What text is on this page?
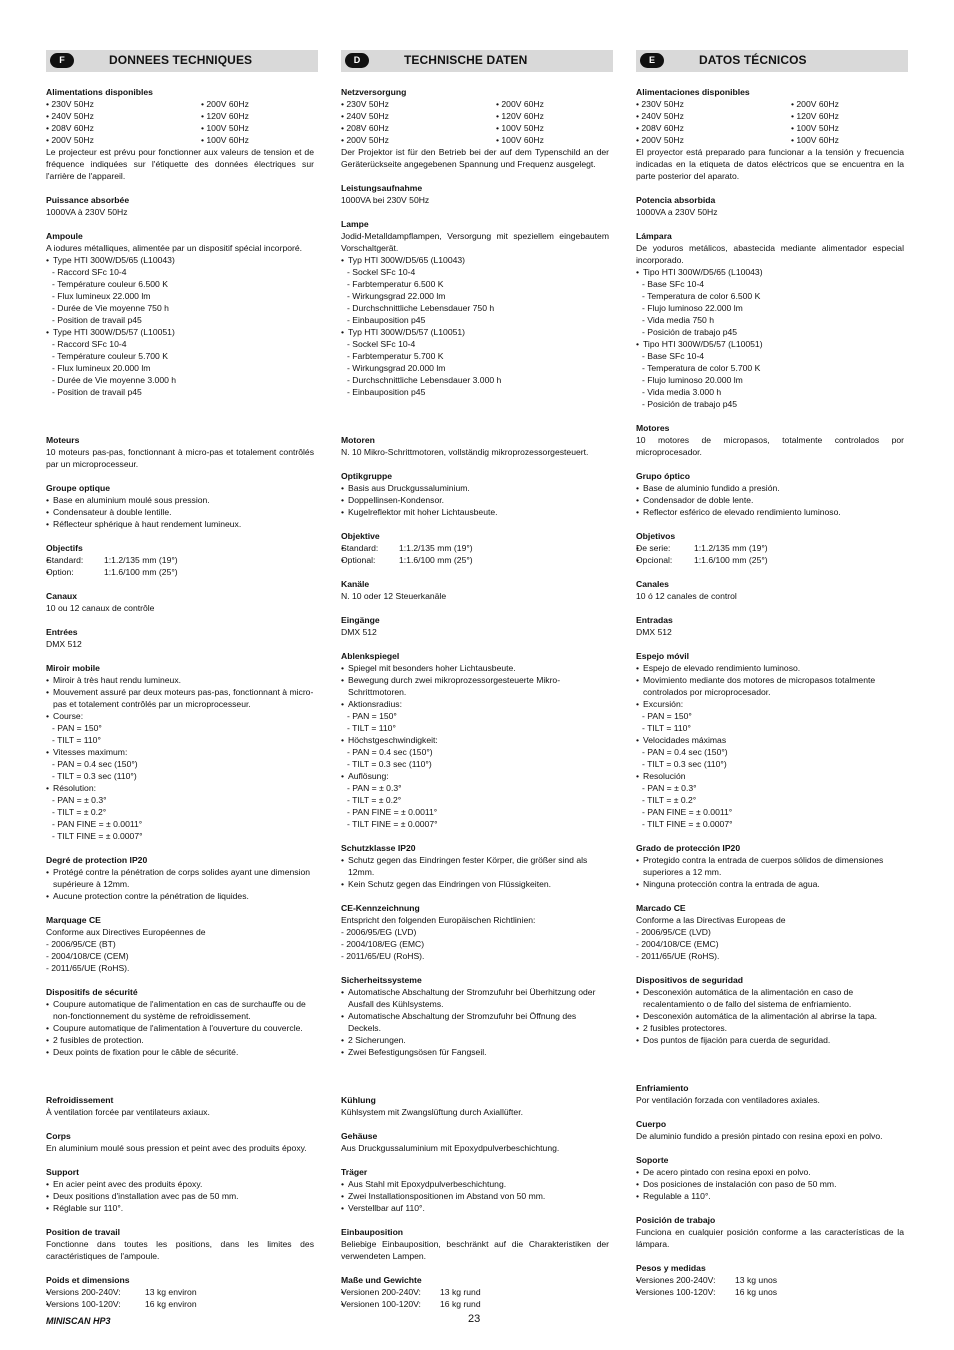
F	DONNEES TECHNIQUES
Alimentations disponibles
• 230V 50Hz	• 200V 60Hz
• 240V 50Hz	• 120V 60Hz
• 208V 60Hz	• 100V 50Hz
• 200V 50Hz	• 100V 60Hz
Le projecteur est prévu pour fonctionner aux valeurs de tension et de fréquence indiquées sur l'étiquette des données électriques sur l'arrière de l'appareil.
Puissance absorbée
1000VA à 230V 50Hz
Ampoule
A iodures métalliques, alimentée par un dispositif spécial incorporé.
• Type HTI 300W/D5/65 (L10043)
- Raccord SFc 10-4
- Température couleur 6.500 K
- Flux lumineux 22.000 lm
- Durée de Vie moyenne 750 h
- Position de travail p45
• Type HTI 300W/D5/57 (L10051)
- Raccord SFc 10-4
- Température couleur 5.700 K
- Flux lumineux 20.000 lm
- Durée de Vie moyenne 3.000 h
- Position de travail p45
Moteurs
10 moteurs pas-pas, fonctionnant à micro-pas et totalement contrôlés par un microprocesseur.
Groupe optique
• Base en aluminium moulé sous pression.
• Condensateur à double lentille.
• Réflecteur sphérique à haut rendement lumineux.
Objectifs
• Standard: 1:1.2/135 mm (19°)
• Option:	1:1.6/100 mm (25°)
Canaux
10 ou 12 canaux de contrôle
Entrées
DMX 512
Miroir mobile
• Miroir à très haut rendu lumineux.
• Mouvement assuré par deux moteurs pas-pas, fonctionnant à micro-pas et totalement contrôlés par un microprocesseur.
• Course:
- PAN = 150°
- TILT = 110°
• Vitesses maximum:
- PAN = 0.4 sec (150°)
- TILT = 0.3 sec (110°)
• Résolution:
- PAN = ± 0.3°
- TILT = ± 0.2°
- PAN FINE = ± 0.0011°
- TILT FINE = ± 0.0007°
Degré de protection IP20
• Protégé contre la pénétration de corps solides ayant une dimension supérieure à 12mm.
• Aucune protection contre la pénétration de liquides.
Marquage CE
Conforme aux Directives Européennes de
- 2006/95/CE (BT)
- 2004/108/CE (CEM)
- 2011/65/UE (RoHS).
Dispositifs de sécurité
• Coupure automatique de l'alimentation en cas de surchauffe ou de non-fonctionnement du système de refroidissement.
• Coupure automatique de l'alimentation à l'ouverture du couvercle.
• 2 fusibles de protection.
• Deux points de fixation pour le câble de sécurité.
Refroidissement
À ventilation forcée par ventilateurs axiaux.
Corps
En aluminium moulé sous pression et peint avec des produits époxy.
Support
• En acier peint avec des produits époxy.
• Deux positions d'installation avec pas de 50 mm.
• Réglable sur 110°.
Position de travail
Fonctionne dans toutes les positions, dans les limites des caractéristiques de l'ampoule.
Poids et dimensions
• Versions 200-240V:	13 kg environ
• Versions 100-120V:	16 kg environ
D	TECHNISCHE DATEN
Netzversorgung
• 230V 50Hz	• 200V 60Hz
• 240V 50Hz	• 120V 60Hz
• 208V 60Hz	• 100V 50Hz
• 200V 50Hz	• 100V 60Hz
Der Projektor ist für den Betrieb bei der auf dem Typenschild an der Geräterückseite angegebenen Spannung und Frequenz ausgelegt.
Leistungsaufnahme
1000VA bei 230V 50Hz
Lampe
Jodid-Metalldampflampen, Versorgung mit speziellem eingebautem Vorschaltgerät.
• Typ HTI 300W/D5/65 (L10043)
- Sockel SFc 10-4
- Farbtemperatur 6.500 K
- Wirkungsgrad 22.000 lm
- Durchschnittliche Lebensdauer 750 h
- Einbauposition p45
• Typ HTI 300W/D5/57 (L10051)
- Sockel SFc 10-4
- Farbtemperatur 5.700 K
- Wirkungsgrad 20.000 lm
- Durchschnittliche Lebensdauer 3.000 h
- Einbauposition p45
Motoren
N. 10 Mikro-Schrittmotoren, vollständig mikroprozessorgesteuert.
Optikgruppe
• Basis aus Druckgussaluminium.
• Doppellinsen-Kondensor.
• Kugelreflektor mit hoher Lichtausbeute.
Objektive
• Standard: 1:1.2/135 mm (19°)
• Optional:	1:1.6/100 mm (25°)
Kanäle
N. 10 oder 12 Steuerkanäle
Eingänge
DMX 512
Ablenkspiegel
• Spiegel mit besonders hoher Lichtausbeute.
• Bewegung durch zwei mikroprozessorgesteuerte Mikro-Schrittmotoren.
• Aktionsradius:
- PAN = 150°
- TILT = 110°
• Höchstgeschwindigkeit:
- PAN = 0.4 sec (150°)
- TILT = 0.3 sec (110°)
• Auflösung:
- PAN = ± 0.3°
- TILT = ± 0.2°
- PAN FINE = ± 0.0011°
- TILT FINE = ± 0.0007°
Schutzklasse IP20
• Schutz gegen das Eindringen fester Körper, die größer sind als 12mm.
• Kein Schutz gegen das Eindringen von Flüssigkeiten.
CE-Kennzeichnung
Entspricht den folgenden Europäischen Richtlinien:
- 2006/95/EG (LVD)
- 2004/108/EG (EMC)
- 2011/65/EU (RoHS).
Sicherheitssysteme
• Automatische Abschaltung der Stromzufuhr bei Überhitzung oder Ausfall des Kühlsystems.
• Automatische Abschaltung der Stromzufuhr bei Öffnung des Deckels.
• 2 Sicherungen.
• Zwei Befestigungsösen für Fangseil.
Kühlung
Kühlsystem mit Zwangslüftung durch Axiallüfter.
Gehäuse
Aus Druckgussaluminium mit Epoxydpulverbeschichtung.
Träger
• Aus Stahl mit Epoxydpulverbeschichtung.
• Zwei Installationspositionen im Abstand von 50 mm.
• Verstellbar auf 110°.
Einbauposition
Beliebige Einbauposition, beschränkt auf die Charakteristiken der verwendeten Lampen.
Maße und Gewichte
• Versionen 200-240V: 13 kg rund
• Versionen 100-120V: 16 kg rund
E	DATOS TÉCNICOS
Alimentaciones disponibles
• 230V 50Hz	• 200V 60Hz
• 240V 50Hz	• 120V 60Hz
• 208V 60Hz	• 100V 50Hz
• 200V 50Hz	• 100V 60Hz
El proyector está preparado para funcionar a la tensión y frecuencia indicadas en la etiqueta de datos eléctricos que se encuentra en la parte posterior del aparato.
Potencia absorbida
1000VA a 230V 50Hz
Lámpara
De yoduros metálicos, abastecida mediante alimentador especial incorporado.
• Tipo HTI 300W/D5/65 (L10043)
- Base SFc 10-4
- Temperatura de color 6.500 K
- Flujo luminoso 22.000 lm
- Vida media 750 h
- Posición de trabajo p45
• Tipo HTI 300W/D5/57 (L10051)
- Base SFc 10-4
- Temperatura de color 5.700 K
- Flujo luminoso 20.000 lm
- Vida media 3.000 h
- Posición de trabajo p45
Motores
10 motores de micropasos, totalmente controlados por microprocesador.
Grupo óptico
• Base de aluminio fundido a presión.
• Condensador de doble lente.
• Reflector esférico de elevado rendimiento luminoso.
Objetivos
• De serie:	1:1.2/135 mm (19°)
• Opcional:	1:1.6/100 mm (25°)
Canales
10 ó 12 canales de control
Entradas
DMX 512
Espejo móvil
• Espejo de elevado rendimiento luminoso.
• Movimiento mediante dos motores de micropasos totalmente controlados por microprocesador.
• Excursión:
- PAN = 150°
- TILT = 110°
• Velocidades máximas
- PAN = 0.4 sec (150°)
- TILT = 0.3 sec (110°)
• Resolución
- PAN = ± 0.3°
- TILT = ± 0.2°
- PAN FINE = ± 0.0011°
- TILT FINE = ± 0.0007°
Grado de protección IP20
• Protegido contra la entrada de cuerpos sólidos de dimensiones superiores a 12 mm.
• Ninguna protección contra la entrada de agua.
Marcado CE
Conforme a las Directivas Europeas de
- 2006/95/CE (LVD)
- 2004/108/CE (EMC)
- 2011/65/UE (RoHS).
Dispositivos de seguridad
• Desconexión automática de la alimentación en caso de recalentamiento o de fallo del sistema de enfriamiento.
• Desconexión automática de la alimentación al abrirse la tapa.
• 2 fusibles protectores.
• Dos puntos de fijación para cuerda de seguridad.
Enfriamiento
Por ventilación forzada con ventiladores axiales.
Cuerpo
De aluminio fundido a presión pintado con resina epoxi en polvo.
Soporte
• De acero pintado con resina epoxi en polvo.
• Dos posiciones de instalación con paso de 50 mm.
• Regulable a 110°.
Posición de trabajo
Funciona en cualquier posición conforme a las características de la lámpara.
Pesos y medidas
• Versiones 200-240V: 13 kg unos
• Versiones 100-120V: 16 kg unos
MINISCAN HP3	23
